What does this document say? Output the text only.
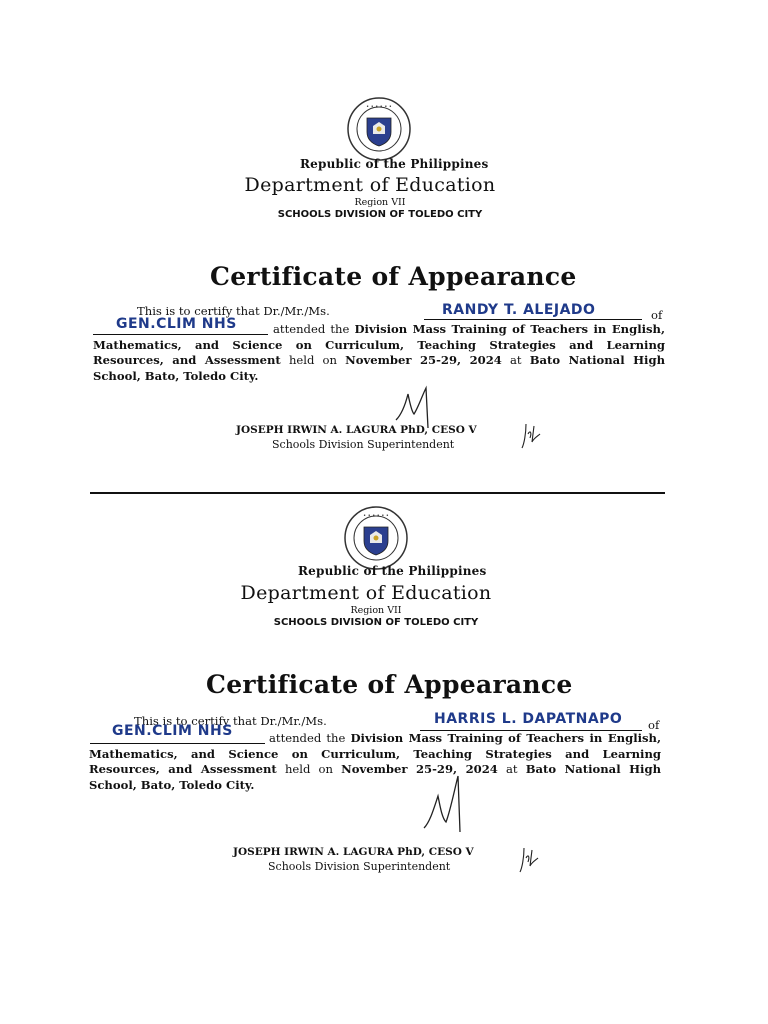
• • • • • •
Republic of the Philippines
Department of Education
Region VII
SCHOOLS DIVISION OF TOLEDO CITY
Certificate of Appearance
This is to certify that Dr./Mr./Ms.	RANDY T. ALEJADO	of
GEN.CLIM NHS	attended the Division Mass Training of Teachers in English, Mathematics, and Science on Curriculum, Teaching Strategies and Learning Resources, and Assessment held on November 25-29, 2024 at Bato National High School, Bato, Toledo City.
JOSEPH IRWIN A. LAGURA PhD, CESO V
Schools Division Superintendent
• • • • • •
Republic of the Philippines
Department of Education
Region VII
SCHOOLS DIVISION OF TOLEDO CITY
Certificate of Appearance
This is to certify that Dr./Mr./Ms.	HARRIS L. DAPATNAPO of
GEN.CLIM NHS	attended the Division Mass Training of Teachers in English, Mathematics, and Science on Curriculum, Teaching Strategies and Learning Resources, and Assessment held on November 25-29, 2024 at Bato National High School, Bato, Toledo City.
JOSEPH IRWIN A. LAGURA PhD, CESO V
Schools Division Superintendent
